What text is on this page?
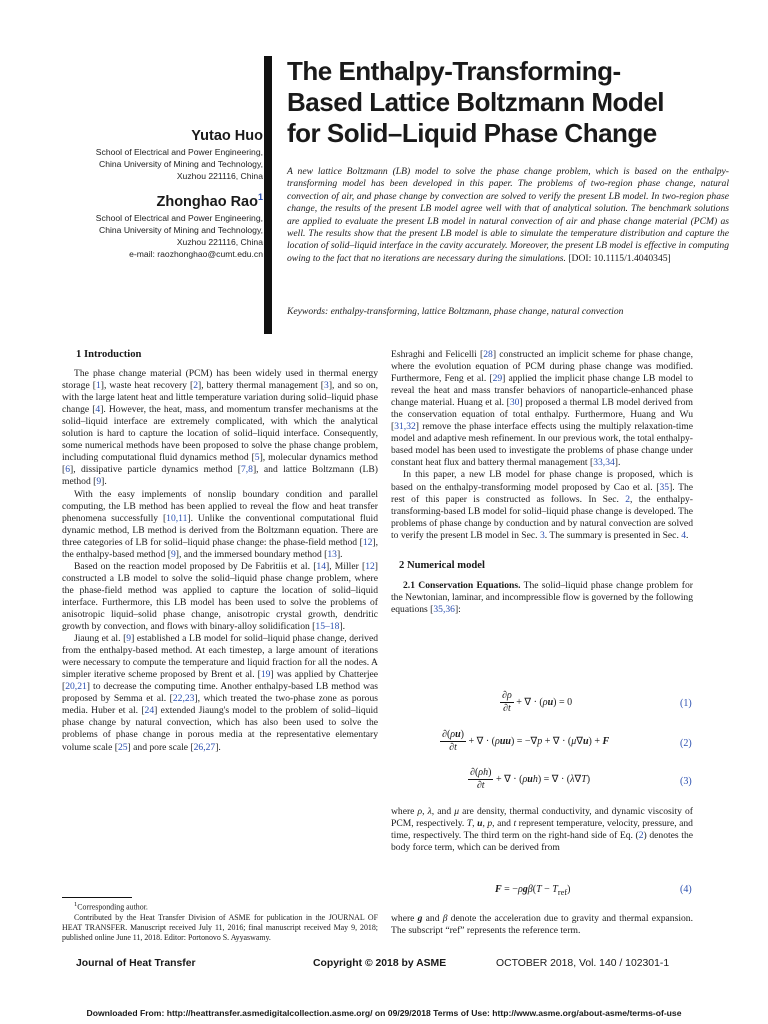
The Enthalpy-Transforming-
Based Lattice Boltzmann Model
for Solid–Liquid Phase Change
Yutao Huo
School of Electrical and Power Engineering,
China University of Mining and Technology,
Xuzhou 221116, China
Zhonghao Rao$^1$
School of Electrical and Power Engineering,
China University of Mining and Technology,
Xuzhou 221116, China
e-mail: raozhonghao@cumt.edu.cn

A new lattice Boltzmann (LB) model to solve the phase change problem, which is based on the enthalpy-transforming model has been developed in this paper. The problems of two-region phase change, natural convection of air, and phase change by convection are solved to verify the present LB model. In two-region phase change, the results of the present LB model agree well with that of analytical solution. The benchmark solutions are applied to evaluate the present LB model in natural convection of air and phase change material (PCM) as well. The results show that the present LB model is able to simulate the temperature distribution and capture the location of solid–liquid interface in the cavity accurately. Moreover, the present LB model is effective in computing owing to the fact that no iterations are necessary during the simulations. [DOI: 10.1115/1.4040345]

Keywords: enthalpy-transforming, lattice Boltzmann, phase change, natural convection
1 Introduction

The phase change material (PCM) has been widely used in thermal energy storage [1], waste heat recovery [2], battery thermal management [3], and so on, with the large latent heat and little temperature variation during solid–liquid phase change [4]. However, the heat, mass, and momentum transfer mechanisms at the solid–liquid interface are extremely complicated, with which the analytical solution is hard to capture the location of solid–liquid interface. Consequently, some numerical methods have been proposed to solve the phase change problem, including computational fluid dynamics method [5], molecular dynamics method [6], dissipative particle dynamics method [7,8], and lattice Boltzmann (LB) method [9].

With the easy implements of nonslip boundary condition and parallel computing, the LB method has been applied to reveal the flow and heat transfer phenomena successfully [10,11]. Unlike the conventional computational fluid dynamic method, LB method is derived from the Boltzmann equation. There are three categories of LB for solid–liquid phase change: the phase-field method [12], the enthalpy-based method [9], and the immersed boundary method [13].

Based on the reaction model proposed by De Fabritiis et al. [14], Miller [12] constructed a LB model to solve the solid–liquid phase change problem, where the phase-field method was applied to capture the location of solid–liquid interface. Furthermore, this LB model has been used to solve the problems of anisotropic liquid–solid phase change, anisotropic crystal growth, dendritic growth by convection, and flows with binary-alloy solidification [15–18].

Jiaung et al. [9] established a LB model for solid–liquid phase change, derived from the enthalpy-based method. At each timestep, a large amount of iterations were necessary to compute the temperature and liquid fraction for all the nodes. A simpler iterative scheme proposed by Brent et al. [19] was applied by Chatterjee [20,21] to decrease the computing time. Another enthalpy-based LB method was proposed by Semma et al. [22,23], which treated the two-phase zone as porous media. Huber et al. [24] extended Jiaung's model to the problem of solid–liquid phase change by natural convection, which has also been used to solve the problems of phase change in porous media at the representative elementary volume scale [25] and pore scale [26,27].

$^1$Corresponding author.
Contributed by the Heat Transfer Division of ASME for publication in the JOURNAL OF HEAT TRANSFER. Manuscript received July 11, 2016; final manuscript received May 9, 2018; published online June 11, 2018. Editor: Portonovo S. Ayyaswamy.

Eshraghi and Felicelli [28] constructed an implicit scheme for phase change, where the evolution equation of PCM during phase change was modified. Furthermore, Feng et al. [29] applied the implicit phase change LB model to reveal the heat and mass transfer behaviors of nanoparticle-enhanced phase change material. Huang et al. [30] proposed a thermal LB model derived from the conservation equation of total enthalpy. Furthermore, Huang and Wu [31,32] remove the phase interface effects using the multiply relaxation-time model and adaptive mesh refinement. In our previous work, the total enthalpy-based model has been used to investigate the problems of phase change under constant heat flux and battery thermal management [33,34].

In this paper, a new LB model for phase change is proposed, which is based on the enthalpy-transforming model proposed by Cao et al. [35]. The rest of this paper is constructed as follows. In Sec. 2, the enthalpy-transforming-based LB model for solid–liquid phase change is developed. The problems of phase change by conduction and by natural convection are solved to verify the present LB model in Sec. 3. The summary is presented in Sec. 4.

2 Numerical model

2.1 Conservation Equations. The solid–liquid phase change problem for the Newtonian, laminar, and incompressible flow is governed by the following equations [35,36]:

$\frac{\partial\rho}{\partial t}$ + ∇ · (ρu) = 0	(1)
$\frac{\partial(\rho u)}{\partial t}$ + ∇ · (ρuu) = −∇p + ∇ · (μ∇u) + F	(2)
$\frac{\partial(\rho h)}{\partial t}$ + ∇ · (ρuh) = ∇ · (λ∇T)	(3)

where ρ, λ, and μ are density, thermal conductivity, and dynamic viscosity of PCM, respectively. T, u, p, and t represent temperature, velocity, pressure, and time, respectively. The third term on the right-hand side of Eq. (2) denotes the body force term, which can be derived from

$F = -\rho g\beta(T - T_{ref})$	(4)

where g and β denote the acceleration due to gravity and thermal expansion. The subscript “ref” represents the reference term.

Journal of Heat Transfer	Copyright © 2018 by ASME	OCTOBER 2018, Vol. 140 / 102301-1
Downloaded From: http://heattransfer.asmedigitalcollection.asme.org/ on 09/29/2018 Terms of Use: http://www.asme.org/about-asme/terms-of-use
